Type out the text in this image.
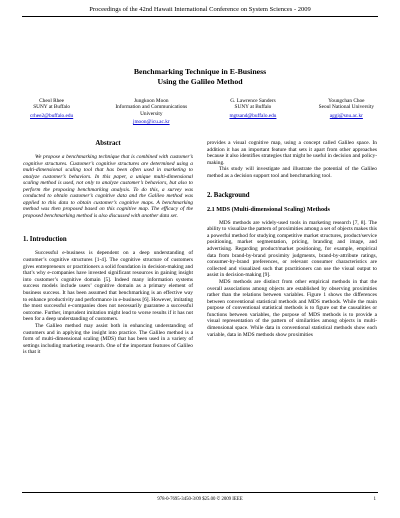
Proceedings of the 42nd Hawaii International Conference on System Sciences - 2009
Benchmarking Technique in E-Business
Using the Galileo Method
Cheol Rhee
SUNY at Buffalo
crhee2@buffalo.edu
Jungkoon Moon
Information and Communications
University
jmoon@icu.ac.kr
G. Lawrence Sanders
SUNY at Buffalo
mgtsand@buffalo.edu
Youngchan Choe
Seoul National University
aggi@snu.ac.kr
Abstract

We propose a benchmarking technique that is combined with customer’s cognitive structures. Customer’s cognitive structures are determined using a multi-dimensional scaling tool that has been often used in marketing to analyze customer’s behaviors. In this paper, a unique multi-dimensional scaling method is used, not only to analyze customer’s behaviors, but also to perform the proposing benchmarking analysis. To do this, a survey was conducted to obtain customer’s cognitive data and the Galileo method was applied to this data to obtain customer’s cognitive maps. A benchmarking method was then proposed based on this cognitive map. The efficacy of the proposed benchmarking method is also discussed with another data set.

1. Introduction

Successful e-business is dependent on a deep understanding of customer’s cognitive structures [1-4]. The cognitive structure of customers gives entrepreneurs or practitioners a solid foundation in decision-making and that’s why e-companies have invested significant resources in gaining insight into customer’s cognitive domain [5]. Indeed many information systems success models include users’ cognitive domain as a primary element of business success. It has been assumed that benchmarking is an effective way to enhance productivity and performance in e-business [6]. However, imitating the most successful e-companies does not necessarily guarantee a successful outcome. Further, imprudent imitation might lead to worse results if it has not been for a deep understanding of customers.

The Galileo method may assist both in enhancing understanding of customers and in applying the insight into practice. The Galileo method is a form of multi-dimensional scaling (MDS) that has been used in a variety of settings including marketing research. One of the important features of Galileo is that it

provides a visual cognitive map, using a concept called Galileo space. In addition it has an important feature that sets it apart from other approaches because it also identifies strategies that might be useful in decision and policy-making.

This study will investigate and illustrate the potential of the Galileo method as a decision support tool and benchmarking tool.

2. Background
2.1 MDS (Multi-dimensional Scaling) Methods

MDS methods are widely-used tools in marketing research [7, 8]. The ability to visualize the pattern of proximities among a set of objects makes this a powerful method for studying competitive market structures, product/service positioning, market segmentation, pricing, branding and image, and advertising. Regarding product/market positioning, for example, empirical data from brand-by-brand proximity judgments, brand-by-attribute ratings, consumer-by-brand preferences, or relevant consumer characteristics are collected and visualized such that practitioners can use the visual output to assist in decision-making [9].

MDS methods are distinct from other empirical methods in that the overall associations among objects are established by observing proximities rather than the relations between variables. Figure 1 shows the differences between conventional statistical methods and MDS methods. While the main purpose of conventional statistical methods is to figure out the causalities or functions between variables, the purpose of MDS methods is to provide a visual representation of the pattern of similarities among objects in multi-dimensional space. While data in conventional statistical methods show each variable, data in MDS methods show proximities

978-0-7695-3450-3/09 $25.00 © 2009 IEEE	1
